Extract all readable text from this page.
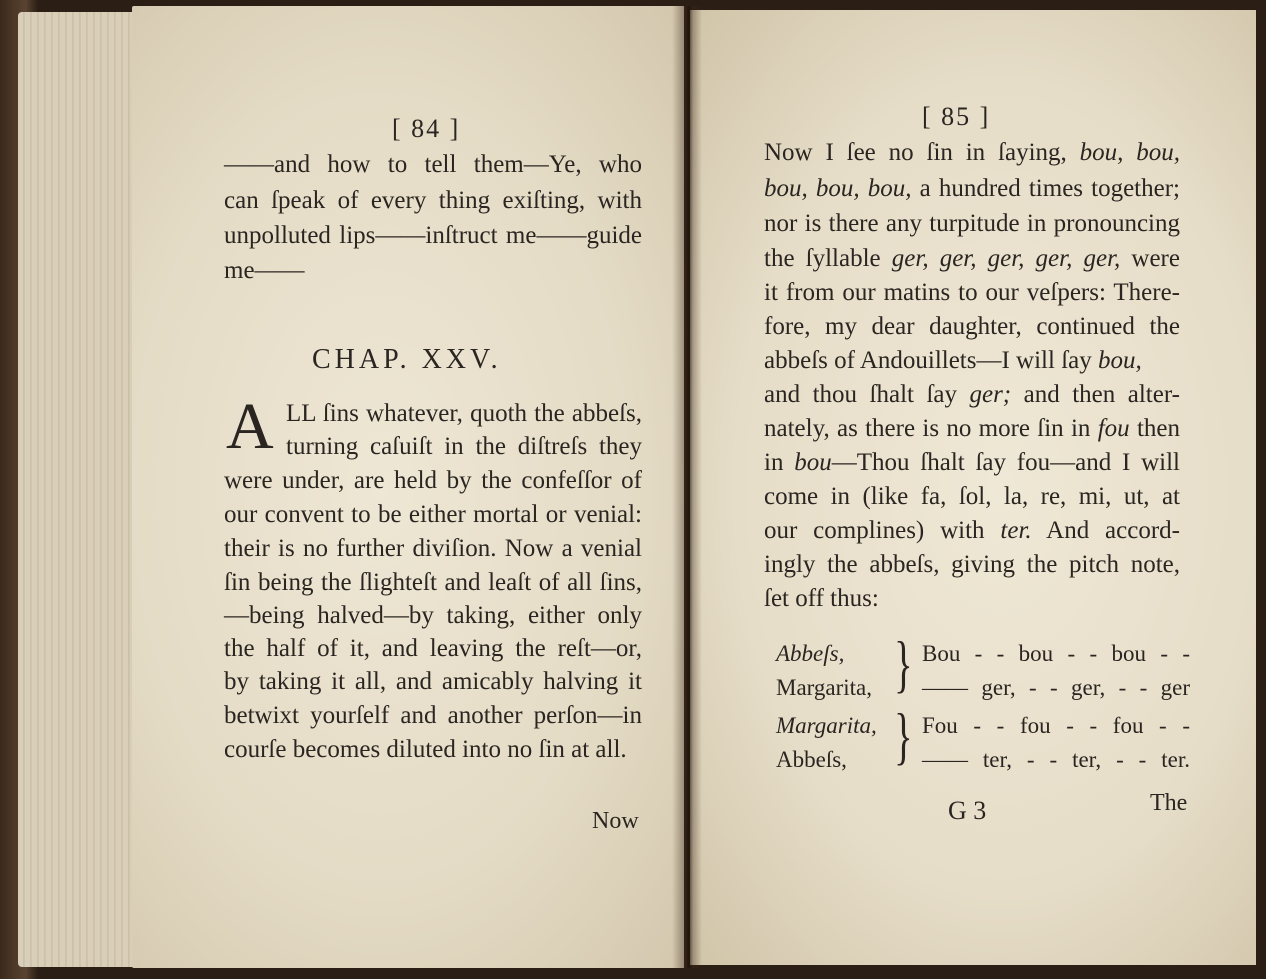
[ 84 ]
——and how to tell them—Ye, who
can ſpeak of every thing exiſting, with
unpolluted lips——inſtruct me——guide
me——
CHAP. XXV.
A LL ſins whatever, quoth the abbeſs,
turning caſuiſt in the diſtreſs they
were under, are held by the confeſſor of
our convent to be either mortal or venial:
their is no further diviſion. Now a venial
ſin being the ſlighteſt and leaſt of all ſins,
—being halved—by taking, either only
the half of it, and leaving the reſt—or,
by taking it all, and amicably halving it
betwixt yourſelf and another perſon—in
courſe becomes diluted into no ſin at all.
Now
[ 85 ]
Now I ſee no ſin in ſaying, bou, bou,
bou, bou, bou, a hundred times together;
nor is there any turpitude in pronouncing
the ſyllable ger, ger, ger, ger, ger, were
it from our matins to our veſpers: There-
fore, my dear daughter, continued the
abbeſs of Andouillets—I will ſay bou,
and thou ſhalt ſay ger; and then alter-
nately, as there is no more ſin in fou then
in bou—Thou ſhalt ſay fou—and I will
come in (like fa, ſol, la, re, mi, ut, at
our complines) with ter. And accord-
ingly the abbeſs, giving the pitch note,
ſet off thus:
Abbeſs,	Bou - - bou - - bou - -
Margarita, —— ger, - - ger, - - ger
Margarita, Fou - - fou - - fou - -
Abbeſs,	—— ter, - - ter, - - ter.
}
}
G 3	The
